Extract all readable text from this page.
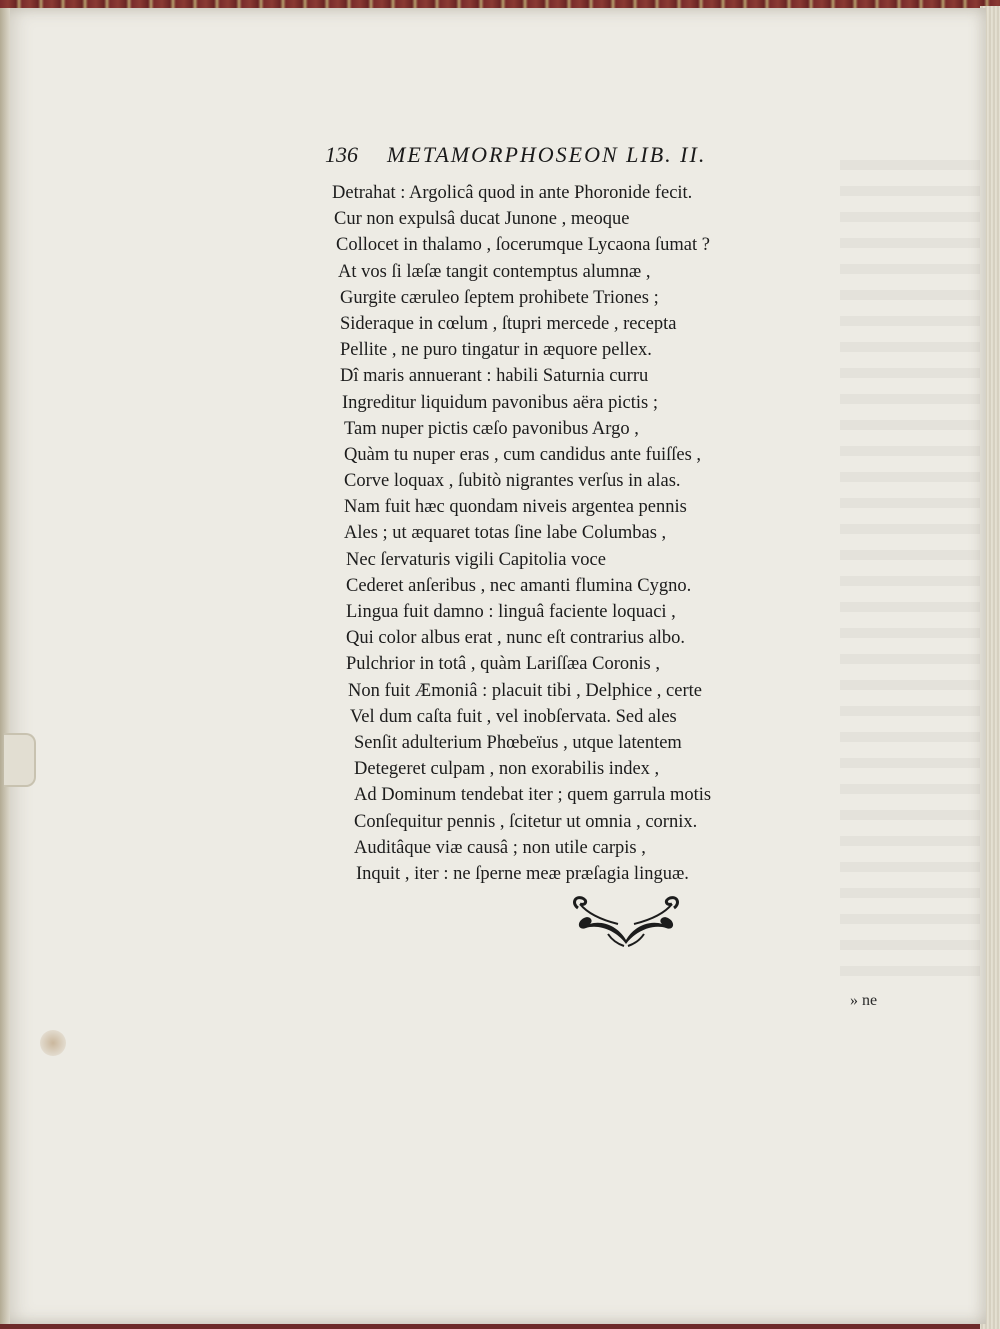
136 METAMORPHOSEON LIB. II.
Detrahat : Argolicâ quod in ante Phoronide fecit.
Cur non expulsâ ducat Junone , meoque
Collocet in thalamo , ſocerumque Lycaona ſumat ?
At vos ſi læſæ tangit contemptus alumnæ ,
Gurgite cæruleo ſeptem prohibete Triones ;
Sideraque in cœlum , ſtupri mercede , recepta
Pellite , ne puro tingatur in æquore pellex.
Dî maris annuerant : habili Saturnia curru
Ingreditur liquidum pavonibus aëra pictis ;
Tam nuper pictis cæſo pavonibus Argo ,
Quàm tu nuper eras , cum candidus ante fuiſſes ,
Corve loquax , ſubitò nigrantes verſus in alas.
Nam fuit hæc quondam niveis argentea pennis
Ales ; ut æquaret totas ſine labe Columbas ,
Nec ſervaturis vigili Capitolia voce
Cederet anſeribus , nec amanti flumina Cygno.
Lingua fuit damno : linguâ faciente loquaci ,
Qui color albus erat , nunc eſt contrarius albo.
Pulchrior in totâ , quàm Lariſſæa Coronis ,
Non fuit Æmoniâ : placuit tibi , Delphice , certe
Vel dum caſta fuit , vel inobſervata. Sed ales
Senſit adulterium Phœbeïus , utque latentem
Detegeret culpam , non exorabilis index ,
Ad Dominum tendebat iter ; quem garrula motis
Conſequitur pennis , ſcitetur ut omnia , cornix.
Auditâque viæ causâ ; non utile carpis ,
Inquit , iter : ne ſperne meæ præſagia linguæ.
» ne
